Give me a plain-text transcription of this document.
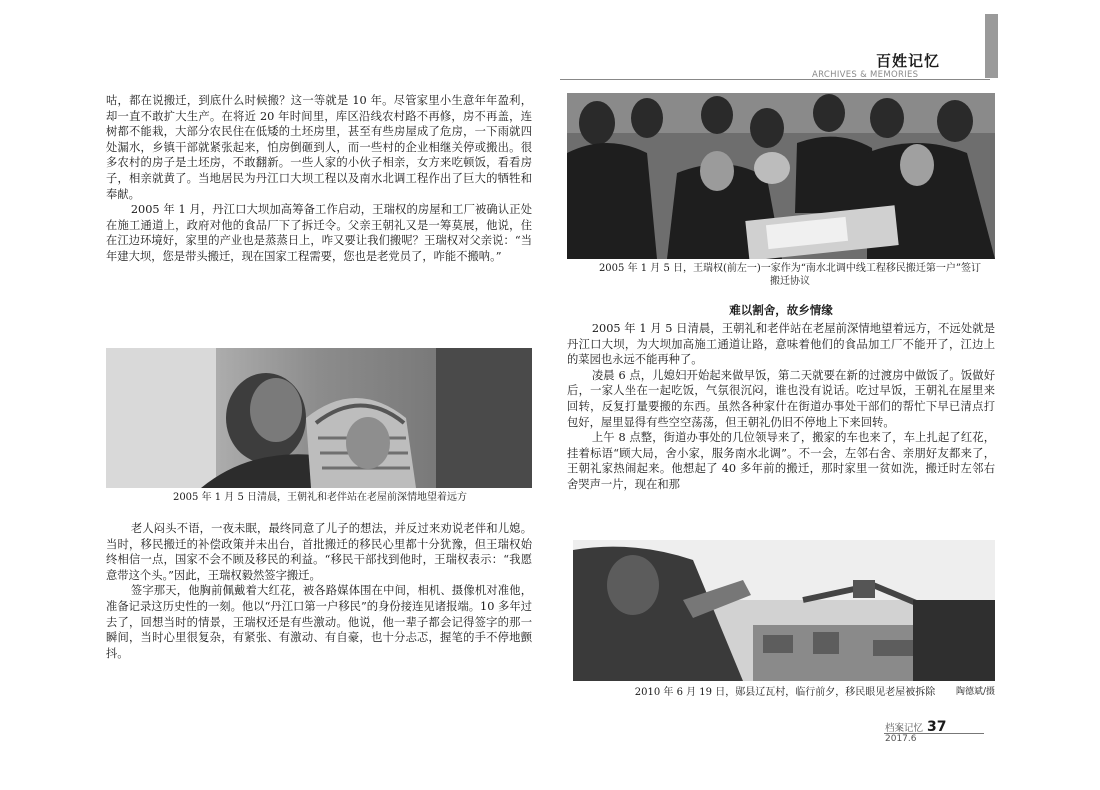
百姓记忆
ARCHIVES & MEMORIES

咕，都在说搬迁，到底什么时候搬？这一等就是 10 年。尽管家里小生意年年盈利，却一直不敢扩大生产。在将近 20 年时间里，库区沿线农村路不再修，房不再盖，连树都不能栽，大部分农民住在低矮的土坯房里，甚至有些房屋成了危房，一下雨就四处漏水，乡镇干部就紧张起来，怕房倒砸到人，而一些村的企业相继关停或搬出。很多农村的房子是土坯房，不敢翻新。一些人家的小伙子相亲，女方来吃顿饭，看看房子，相亲就黄了。当地居民为丹江口大坝工程以及南水北调工程作出了巨大的牺牲和奉献。

2005 年 1 月，丹江口大坝加高筹备工作启动，王瑞权的房屋和工厂被确认正处在施工通道上，政府对他的食品厂下了拆迁令。父亲王朝礼又是一筹莫展，他说，住在江边环境好，家里的产业也是蒸蒸日上，咋又要让我们搬呢？王瑞权对父亲说：“当年建大坝，您是带头搬迁，现在国家工程需要，您也是老党员了，咋能不搬呐。”

2005 年 1 月 5 日清晨，王朝礼和老伴站在老屋前深情地望着远方

老人闷头不语，一夜未眠，最终同意了儿子的想法，并反过来劝说老伴和儿媳。当时，移民搬迁的补偿政策并未出台，首批搬迁的移民心里都十分犹豫，但王瑞权始终相信一点，国家不会不顾及移民的利益。“移民干部找到他时，王瑞权表示：“我愿意带这个头。”因此，王瑞权毅然签字搬迁。

签字那天，他胸前佩戴着大红花，被各路媒体围在中间，相机、摄像机对准他，准备记录这历史性的一刻。他以“丹江口第一户移民”的身份接连见诸报端。10 多年过去了，回想当时的情景，王瑞权还是有些激动。他说，他一辈子都会记得签字的那一瞬间，当时心里很复杂，有紧张、有激动、有自豪，也十分忐忑，握笔的手不停地颤抖。

2005 年 1 月 5 日，王瑞权(前左一)一家作为“南水北调中线工程移民搬迁第一户”签订搬迁协议
难以割舍，故乡情缘

2005 年 1 月 5 日清晨，王朝礼和老伴站在老屋前深情地望着远方，不远处就是丹江口大坝，为大坝加高施工通道让路，意味着他们的食品加工厂不能开了，江边上的菜园也永远不能再种了。

凌晨 6 点，儿媳妇开始起来做早饭，第二天就要在新的过渡房中做饭了。饭做好后，一家人坐在一起吃饭，气氛很沉闷，谁也没有说话。吃过早饭，王朝礼在屋里来回转，反复打量要搬的东西。虽然各种家什在街道办事处干部们的帮忙下早已清点打包好，屋里显得有些空空荡荡，但王朝礼仍旧不停地上下来回转。

上午 8 点整，街道办事处的几位领导来了，搬家的车也来了，车上扎起了红花，挂着标语“顾大局，舍小家，服务南水北调”。不一会，左邻右舍、亲朋好友都来了，王朝礼家热闹起来。他想起了 40 多年前的搬迁，那时家里一贫如洗，搬迁时左邻右舍哭声一片，现在和那

2010 年 6 月 19 日，郧县辽瓦村，临行前夕，移民眼见老屋被拆除	陶德斌/摄
档案记忆 37
2017.6
